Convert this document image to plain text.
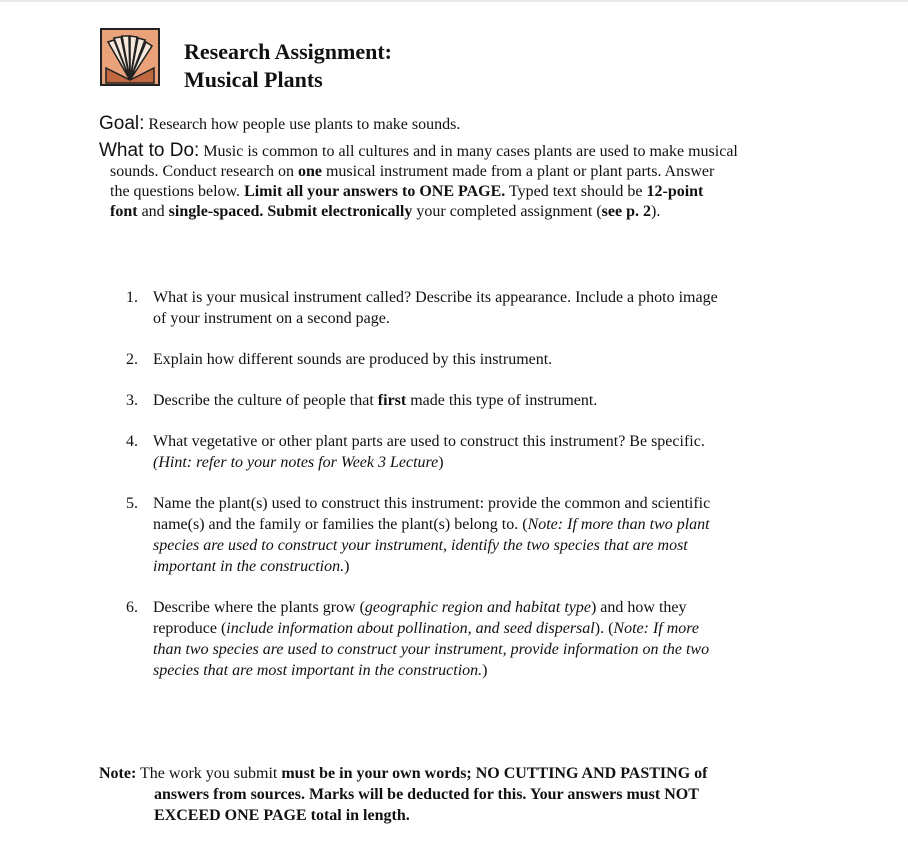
Research Assignment:
Musical Plants
Goal: Research how people use plants to make sounds.
What to Do: Music is common to all cultures and in many cases plants are used to make musical
sounds. Conduct research on one musical instrument made from a plant or plant parts. Answer
the questions below. Limit all your answers to ONE PAGE. Typed text should be 12-point
font and single-spaced. Submit electronically your completed assignment (see p. 2).
1. What is your musical instrument called? Describe its appearance. Include a photo image
of your instrument on a second page.
2. Explain how different sounds are produced by this instrument.
3. Describe the culture of people that first made this type of instrument.
4. What vegetative or other plant parts are used to construct this instrument? Be specific.
(Hint: refer to your notes for Week 3 Lecture)
5. Name the plant(s) used to construct this instrument: provide the common and scientific
name(s) and the family or families the plant(s) belong to. (Note: If more than two plant
species are used to construct your instrument, identify the two species that are most
important in the construction.)
6. Describe where the plants grow (geographic region and habitat type) and how they
reproduce (include information about pollination, and seed dispersal). (Note: If more
than two species are used to construct your instrument, provide information on the two
species that are most important in the construction.)
Note: The work you submit must be in your own words; NO CUTTING AND PASTING of
answers from sources. Marks will be deducted for this. Your answers must NOT
EXCEED ONE PAGE total in length.
